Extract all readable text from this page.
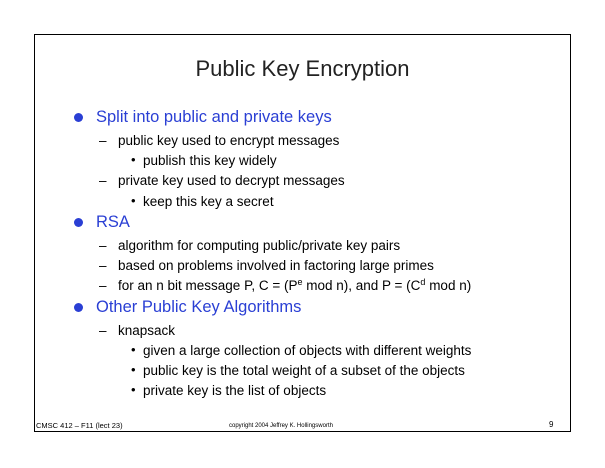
Public Key Encryption
Split into public and private keys
– public key used to encrypt messages
• publish this key widely
– private key used to decrypt messages
• keep this key a secret
RSA
– algorithm for computing public/private key pairs
– based on problems involved in factoring large primes
– for an n bit message P, $C = (P^e$ mod n), and $P = (C^d$ mod n)
Other Public Key Algorithms
– knapsack
• given a large collection of objects with different weights
• public key is the total weight of a subset of the objects
• private key is the list of objects
CMSC 412 – F11 (lect 23)	copyright 2004 Jeffrey K. Hollingsworth	9
